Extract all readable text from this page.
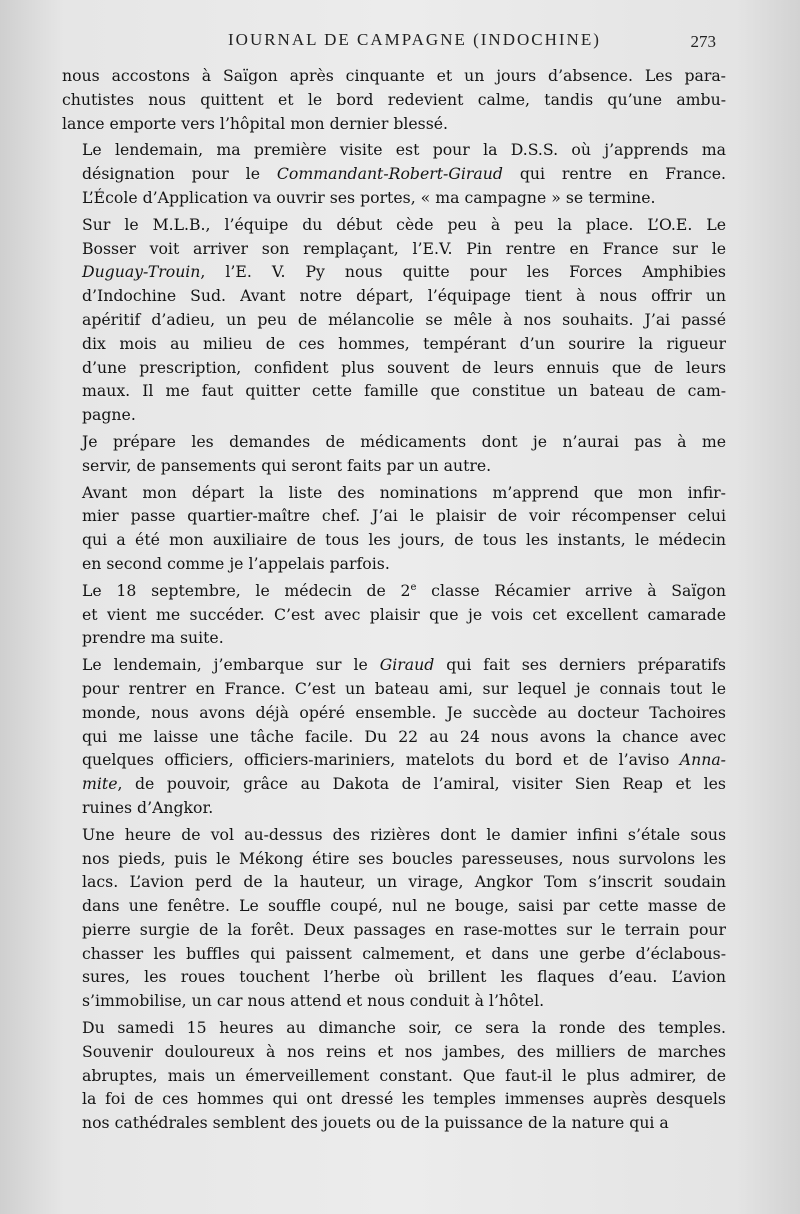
IOURNAL DE CAMPAGNE (INDOCHINE)	273

nous accostons à Saïgon après cinquante et un jours d’absence. Les para-
chutistes nous quittent et le bord redevient calme, tandis qu’une ambu-
lance emporte vers l’hôpital mon dernier blessé.

Le lendemain, ma première visite est pour la D.S.S. où j’apprends ma
désignation pour le Commandant-Robert-Giraud qui rentre en France.
L’École d’Application va ouvrir ses portes, « ma campagne » se termine.

Sur le M.L.B., l’équipe du début cède peu à peu la place. L’O.E. Le
Bosser voit arriver son remplaçant, l’E.V. Pin rentre en France sur le
Duguay-Trouin, l’E. V. Py nous quitte pour les Forces Amphibies
d’Indochine Sud. Avant notre départ, l’équipage tient à nous offrir un
apéritif d’adieu, un peu de mélancolie se mêle à nos souhaits. J’ai passé
dix mois au milieu de ces hommes, tempérant d’un sourire la rigueur
d’une prescription, confident plus souvent de leurs ennuis que de leurs
maux. Il me faut quitter cette famille que constitue un bateau de cam-
pagne.

Je prépare les demandes de médicaments dont je n’aurai pas à me
servir, de pansements qui seront faits par un autre.

Avant mon départ la liste des nominations m’apprend que mon infir-
mier passe quartier-maître chef. J’ai le plaisir de voir récompenser celui
qui a été mon auxiliaire de tous les jours, de tous les instants, le médecin
en second comme je l’appelais parfois.

Le 18 septembre, le médecin de 2e classe Récamier arrive à Saïgon
et vient me succéder. C’est avec plaisir que je vois cet excellent camarade
prendre ma suite.

Le lendemain, j’embarque sur le Giraud qui fait ses derniers préparatifs
pour rentrer en France. C’est un bateau ami, sur lequel je connais tout le
monde, nous avons déjà opéré ensemble. Je succède au docteur Tachoires
qui me laisse une tâche facile. Du 22 au 24 nous avons la chance avec
quelques officiers, officiers-mariniers, matelots du bord et de l’aviso Anna-
mite, de pouvoir, grâce au Dakota de l’amiral, visiter Sien Reap et les
ruines d’Angkor.

Une heure de vol au-dessus des rizières dont le damier infini s’étale sous
nos pieds, puis le Mékong étire ses boucles paresseuses, nous survolons les
lacs. L’avion perd de la hauteur, un virage, Angkor Tom s’inscrit soudain
dans une fenêtre. Le souffle coupé, nul ne bouge, saisi par cette masse de
pierre surgie de la forêt. Deux passages en rase-mottes sur le terrain pour
chasser les buffles qui paissent calmement, et dans une gerbe d’éclabous-
sures, les roues touchent l’herbe où brillent les flaques d’eau. L’avion
s’immobilise, un car nous attend et nous conduit à l’hôtel.

Du samedi 15 heures au dimanche soir, ce sera la ronde des temples.
Souvenir douloureux à nos reins et nos jambes, des milliers de marches
abruptes, mais un émerveillement constant. Que faut-il le plus admirer, de
la foi de ces hommes qui ont dressé les temples immenses auprès desquels
nos cathédrales semblent des jouets ou de la puissance de la nature qui a
